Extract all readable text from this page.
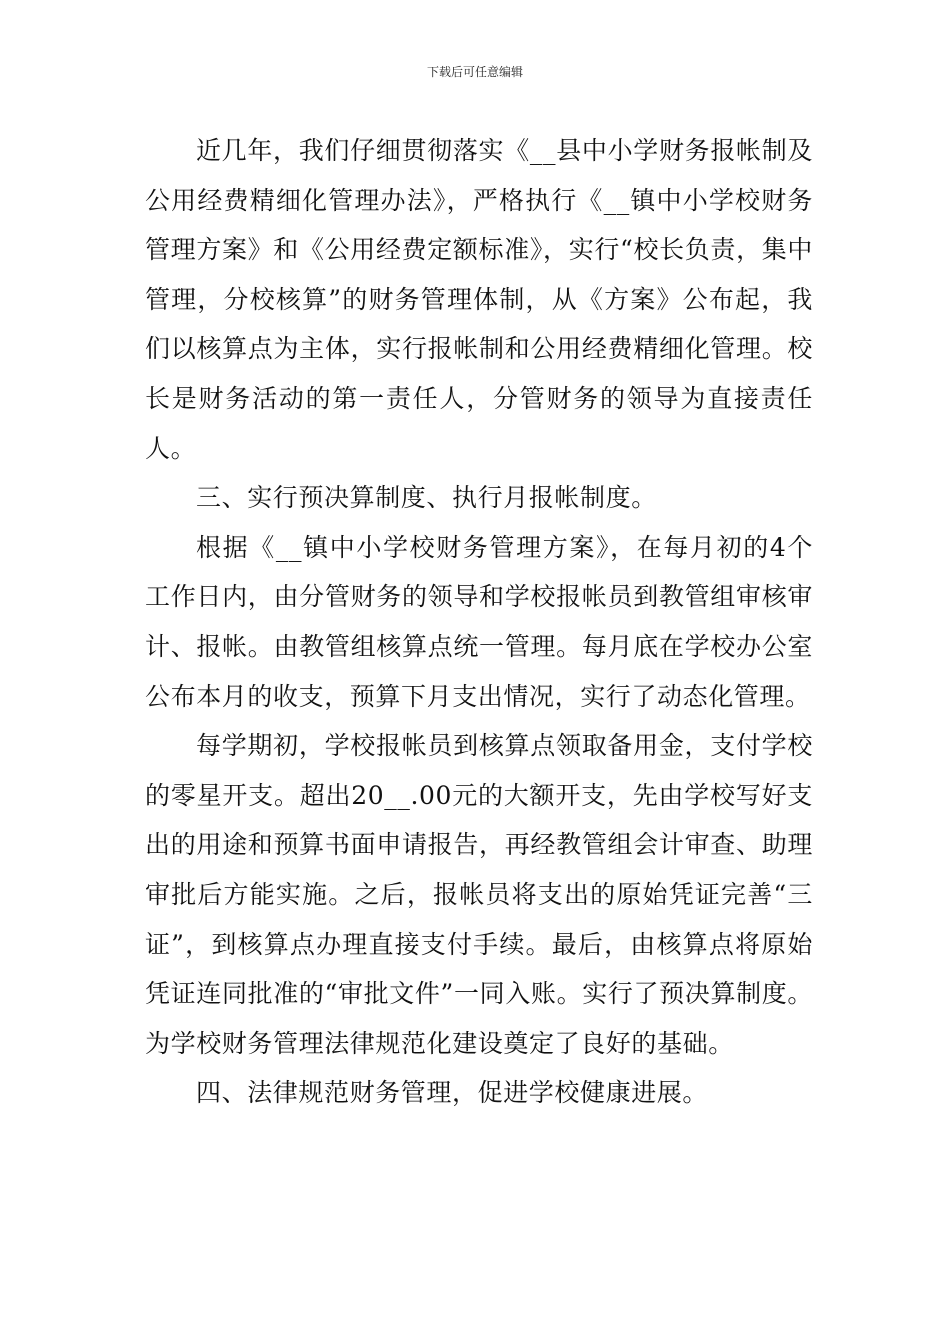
下载后可任意编辑

近几年，我们仔细贯彻落实《__县中小学财务报帐制及公用经费精细化管理办法》，严格执行《__镇中小学校财务管理方案》和《公用经费定额标准》，实行“校长负责，集中管理，分校核算”的财务管理体制，从《方案》公布起，我们以核算点为主体，实行报帐制和公用经费精细化管理。校长是财务活动的第一责任人，分管财务的领导为直接责任人。

三、实行预决算制度、执行月报帐制度。

根据《__镇中小学校财务管理方案》，在每月初的4个工作日内，由分管财务的领导和学校报帐员到教管组审核审计、报帐。由教管组核算点统一管理。每月底在学校办公室公布本月的收支，预算下月支出情况，实行了动态化管理。

每学期初，学校报帐员到核算点领取备用金，支付学校的零星开支。超出20__.00元的大额开支，先由学校写好支出的用途和预算书面申请报告，再经教管组会计审查、助理审批后方能实施。之后，报帐员将支出的原始凭证完善“三证”，到核算点办理直接支付手续。最后，由核算点将原始凭证连同批准的“审批文件”一同入账。实行了预决算制度。为学校财务管理法律规范化建设奠定了良好的基础。

四、法律规范财务管理，促进学校健康进展。
